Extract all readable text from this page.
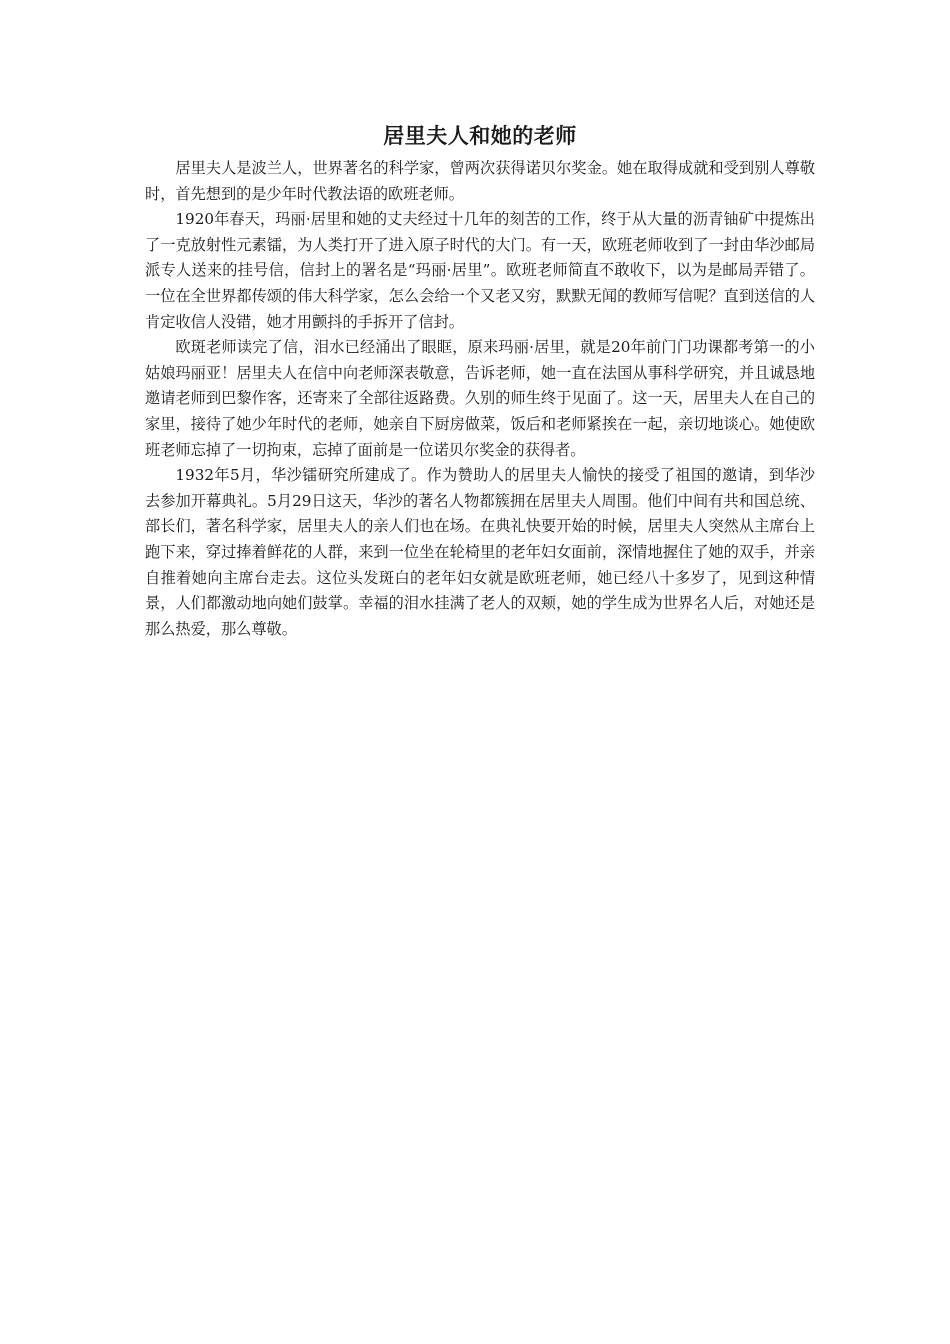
居里夫人和她的老师

居里夫人是波兰人，世界著名的科学家，曾两次获得诺贝尔奖金。她在取得成就和受到别人尊敬时，首先想到的是少年时代教法语的欧班老师。

1920年春天，玛丽·居里和她的丈夫经过十几年的刻苦的工作，终于从大量的沥青铀矿中提炼出了一克放射性元素镭，为人类打开了进入原子时代的大门。有一天，欧班老师收到了一封由华沙邮局派专人送来的挂号信，信封上的署名是“玛丽·居里”。欧班老师简直不敢收下，以为是邮局弄错了。一位在全世界都传颂的伟大科学家，怎么会给一个又老又穷，默默无闻的教师写信呢？直到送信的人肯定收信人没错，她才用颤抖的手拆开了信封。

欧斑老师读完了信，泪水已经涌出了眼眶，原来玛丽·居里，就是20年前门门功课都考第一的小姑娘玛丽亚！居里夫人在信中向老师深表敬意，告诉老师，她一直在法国从事科学研究，并且诚恳地邀请老师到巴黎作客，还寄来了全部往返路费。久别的师生终于见面了。这一天，居里夫人在自己的家里，接待了她少年时代的老师，她亲自下厨房做菜，饭后和老师紧挨在一起，亲切地谈心。她使欧班老师忘掉了一切拘束，忘掉了面前是一位诺贝尔奖金的获得者。

1932年5月，华沙镭研究所建成了。作为赞助人的居里夫人愉快的接受了祖国的邀请，到华沙去参加开幕典礼。5月29日这天，华沙的著名人物都簇拥在居里夫人周围。他们中间有共和国总统、部长们，著名科学家，居里夫人的亲人们也在场。在典礼快要开始的时候，居里夫人突然从主席台上跑下来，穿过捧着鲜花的人群，来到一位坐在轮椅里的老年妇女面前，深情地握住了她的双手，并亲自推着她向主席台走去。这位头发斑白的老年妇女就是欧班老师，她已经八十多岁了，见到这种情景，人们都激动地向她们鼓掌。幸福的泪水挂满了老人的双颊，她的学生成为世界名人后，对她还是那么热爱，那么尊敬。
